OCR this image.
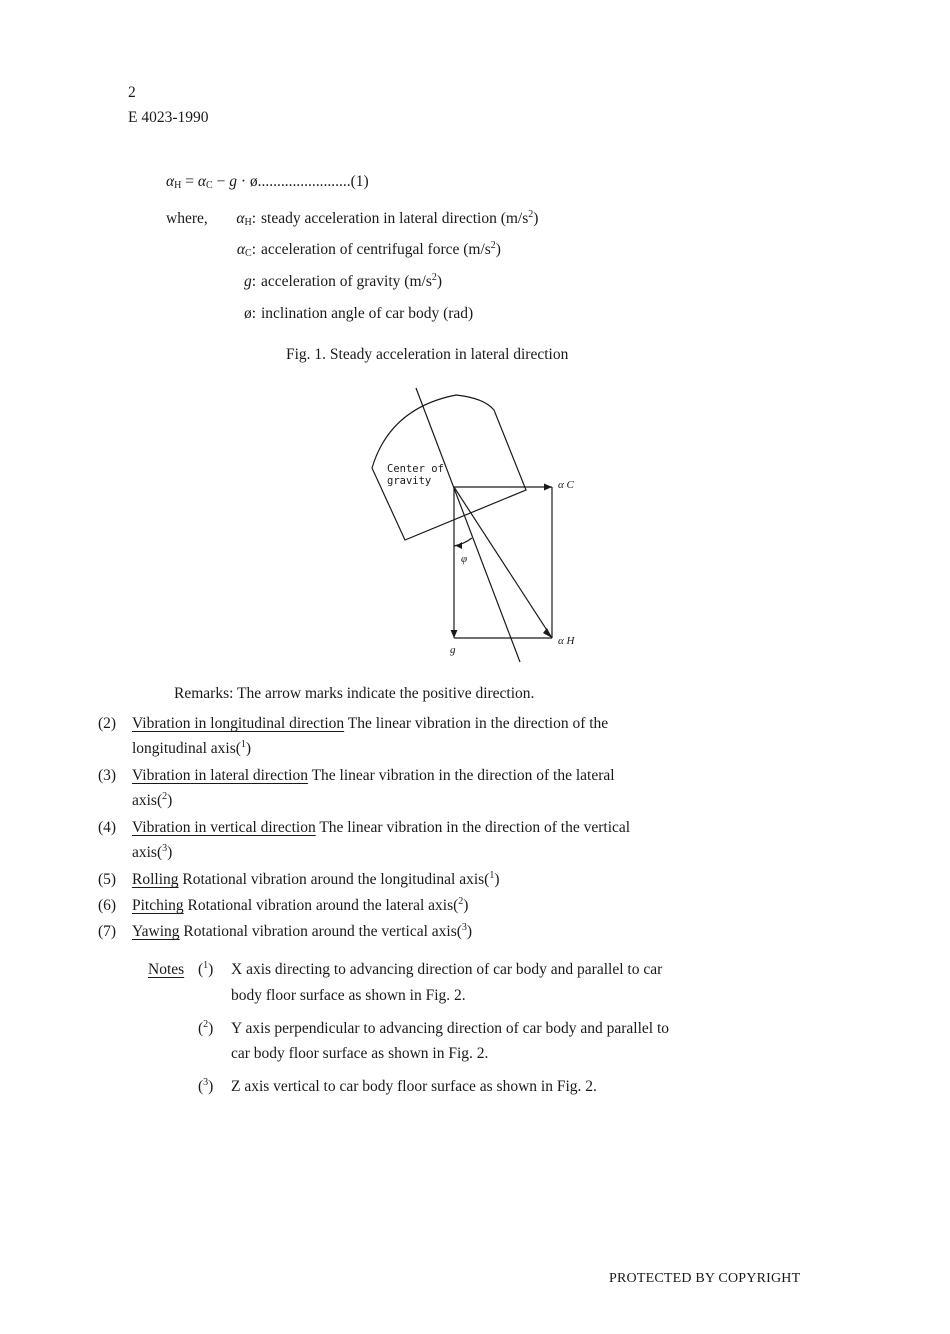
2
E 4023-1990
$\alpha_H = \alpha_C - g$ · ø........................(1)
where,	$\alpha_H$: steady acceleration in lateral direction $(m/s^2)$
$\alpha_C$: acceleration of centrifugal force $(m/s^2)$
g: acceleration of gravity $(m/s^2)$
ø: inclination angle of car body (rad)
Fig. 1. Steady acceleration in lateral direction
Center of
gravity	α C
α H
g
φ
Remarks: The arrow marks indicate the positive direction.
(2) Vibration in longitudinal direction The linear vibration in the direction of the
longitudinal axis($^1$)
(3) Vibration in lateral direction The linear vibration in the direction of the lateral
axis($^2$)
(4) Vibration in vertical direction The linear vibration in the direction of the vertical
axis($^3$)
(5) Rolling Rotational vibration around the longitudinal axis($^1$)
(6) Pitching Rotational vibration around the lateral axis($^2$)
(7) Yawing Rotational vibration around the vertical axis($^3$)
Notes ($^1$) X axis directing to advancing direction of car body and parallel to car
body floor surface as shown in Fig. 2.
($^2$) Y axis perpendicular to advancing direction of car body and parallel to
car body floor surface as shown in Fig. 2.
($^3$) Z axis vertical to car body floor surface as shown in Fig. 2.
PROTECTED BY COPYRIGHT
